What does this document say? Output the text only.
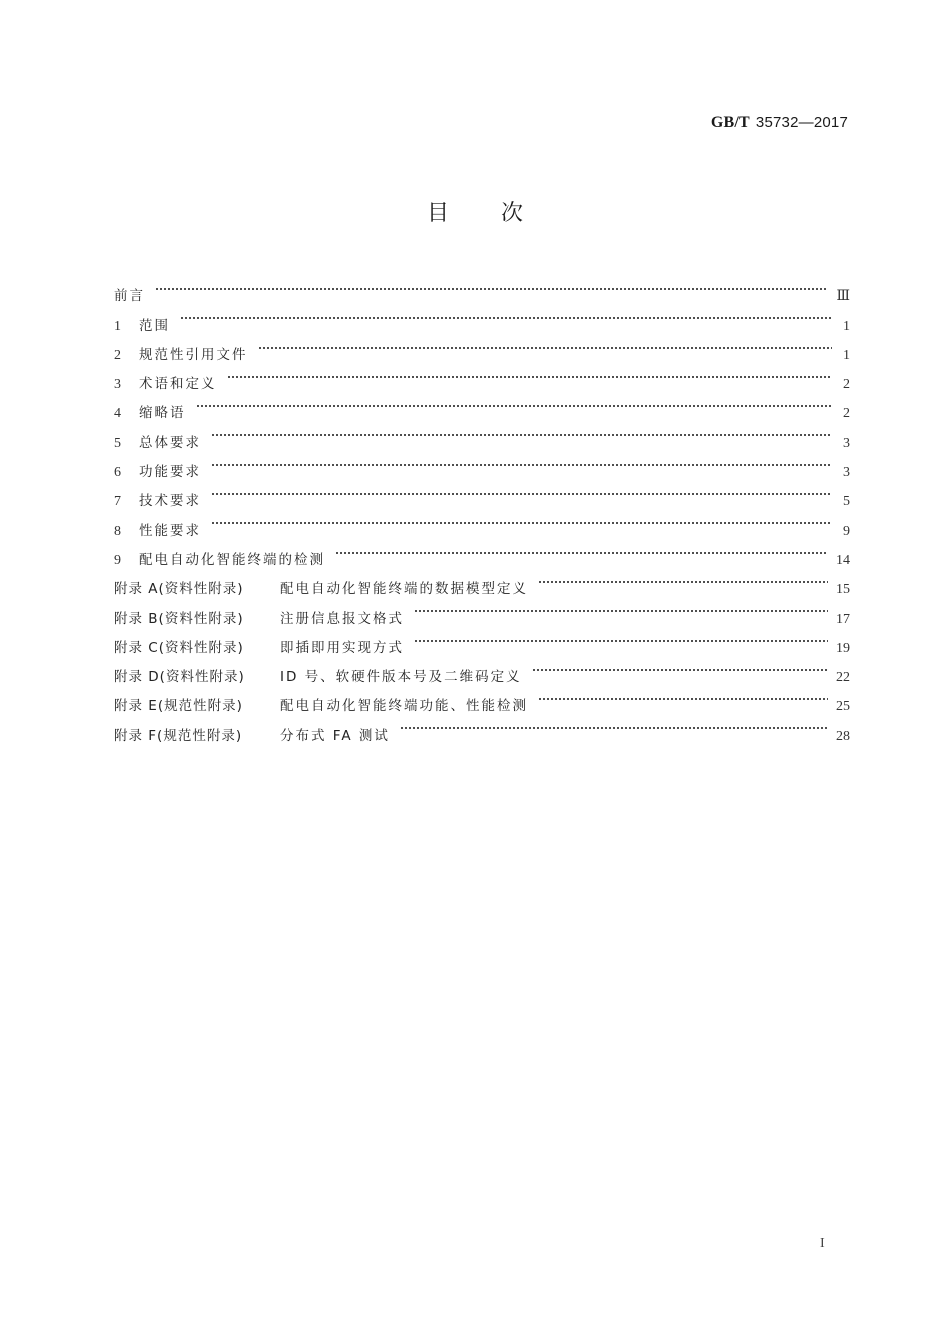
GB/T 35732—2017
目 次
前言	Ⅲ
1	范围	1
2	规范性引用文件	1
3	术语和定义	2
4	缩略语	2
5	总体要求	3
6	功能要求	3
7	技术要求	5
8	性能要求	9
9	配电自动化智能终端的检测	14
附录 A(资料性附录)	配电自动化智能终端的数据模型定义	15
附录 B(资料性附录)	注册信息报文格式	17
附录 C(资料性附录)	即插即用实现方式	19
附录 D(资料性附录)	ID 号、软硬件版本号及二维码定义	22
附录 E(规范性附录)	配电自动化智能终端功能、性能检测	25
附录 F(规范性附录)	分布式 FA 测试	28
I
